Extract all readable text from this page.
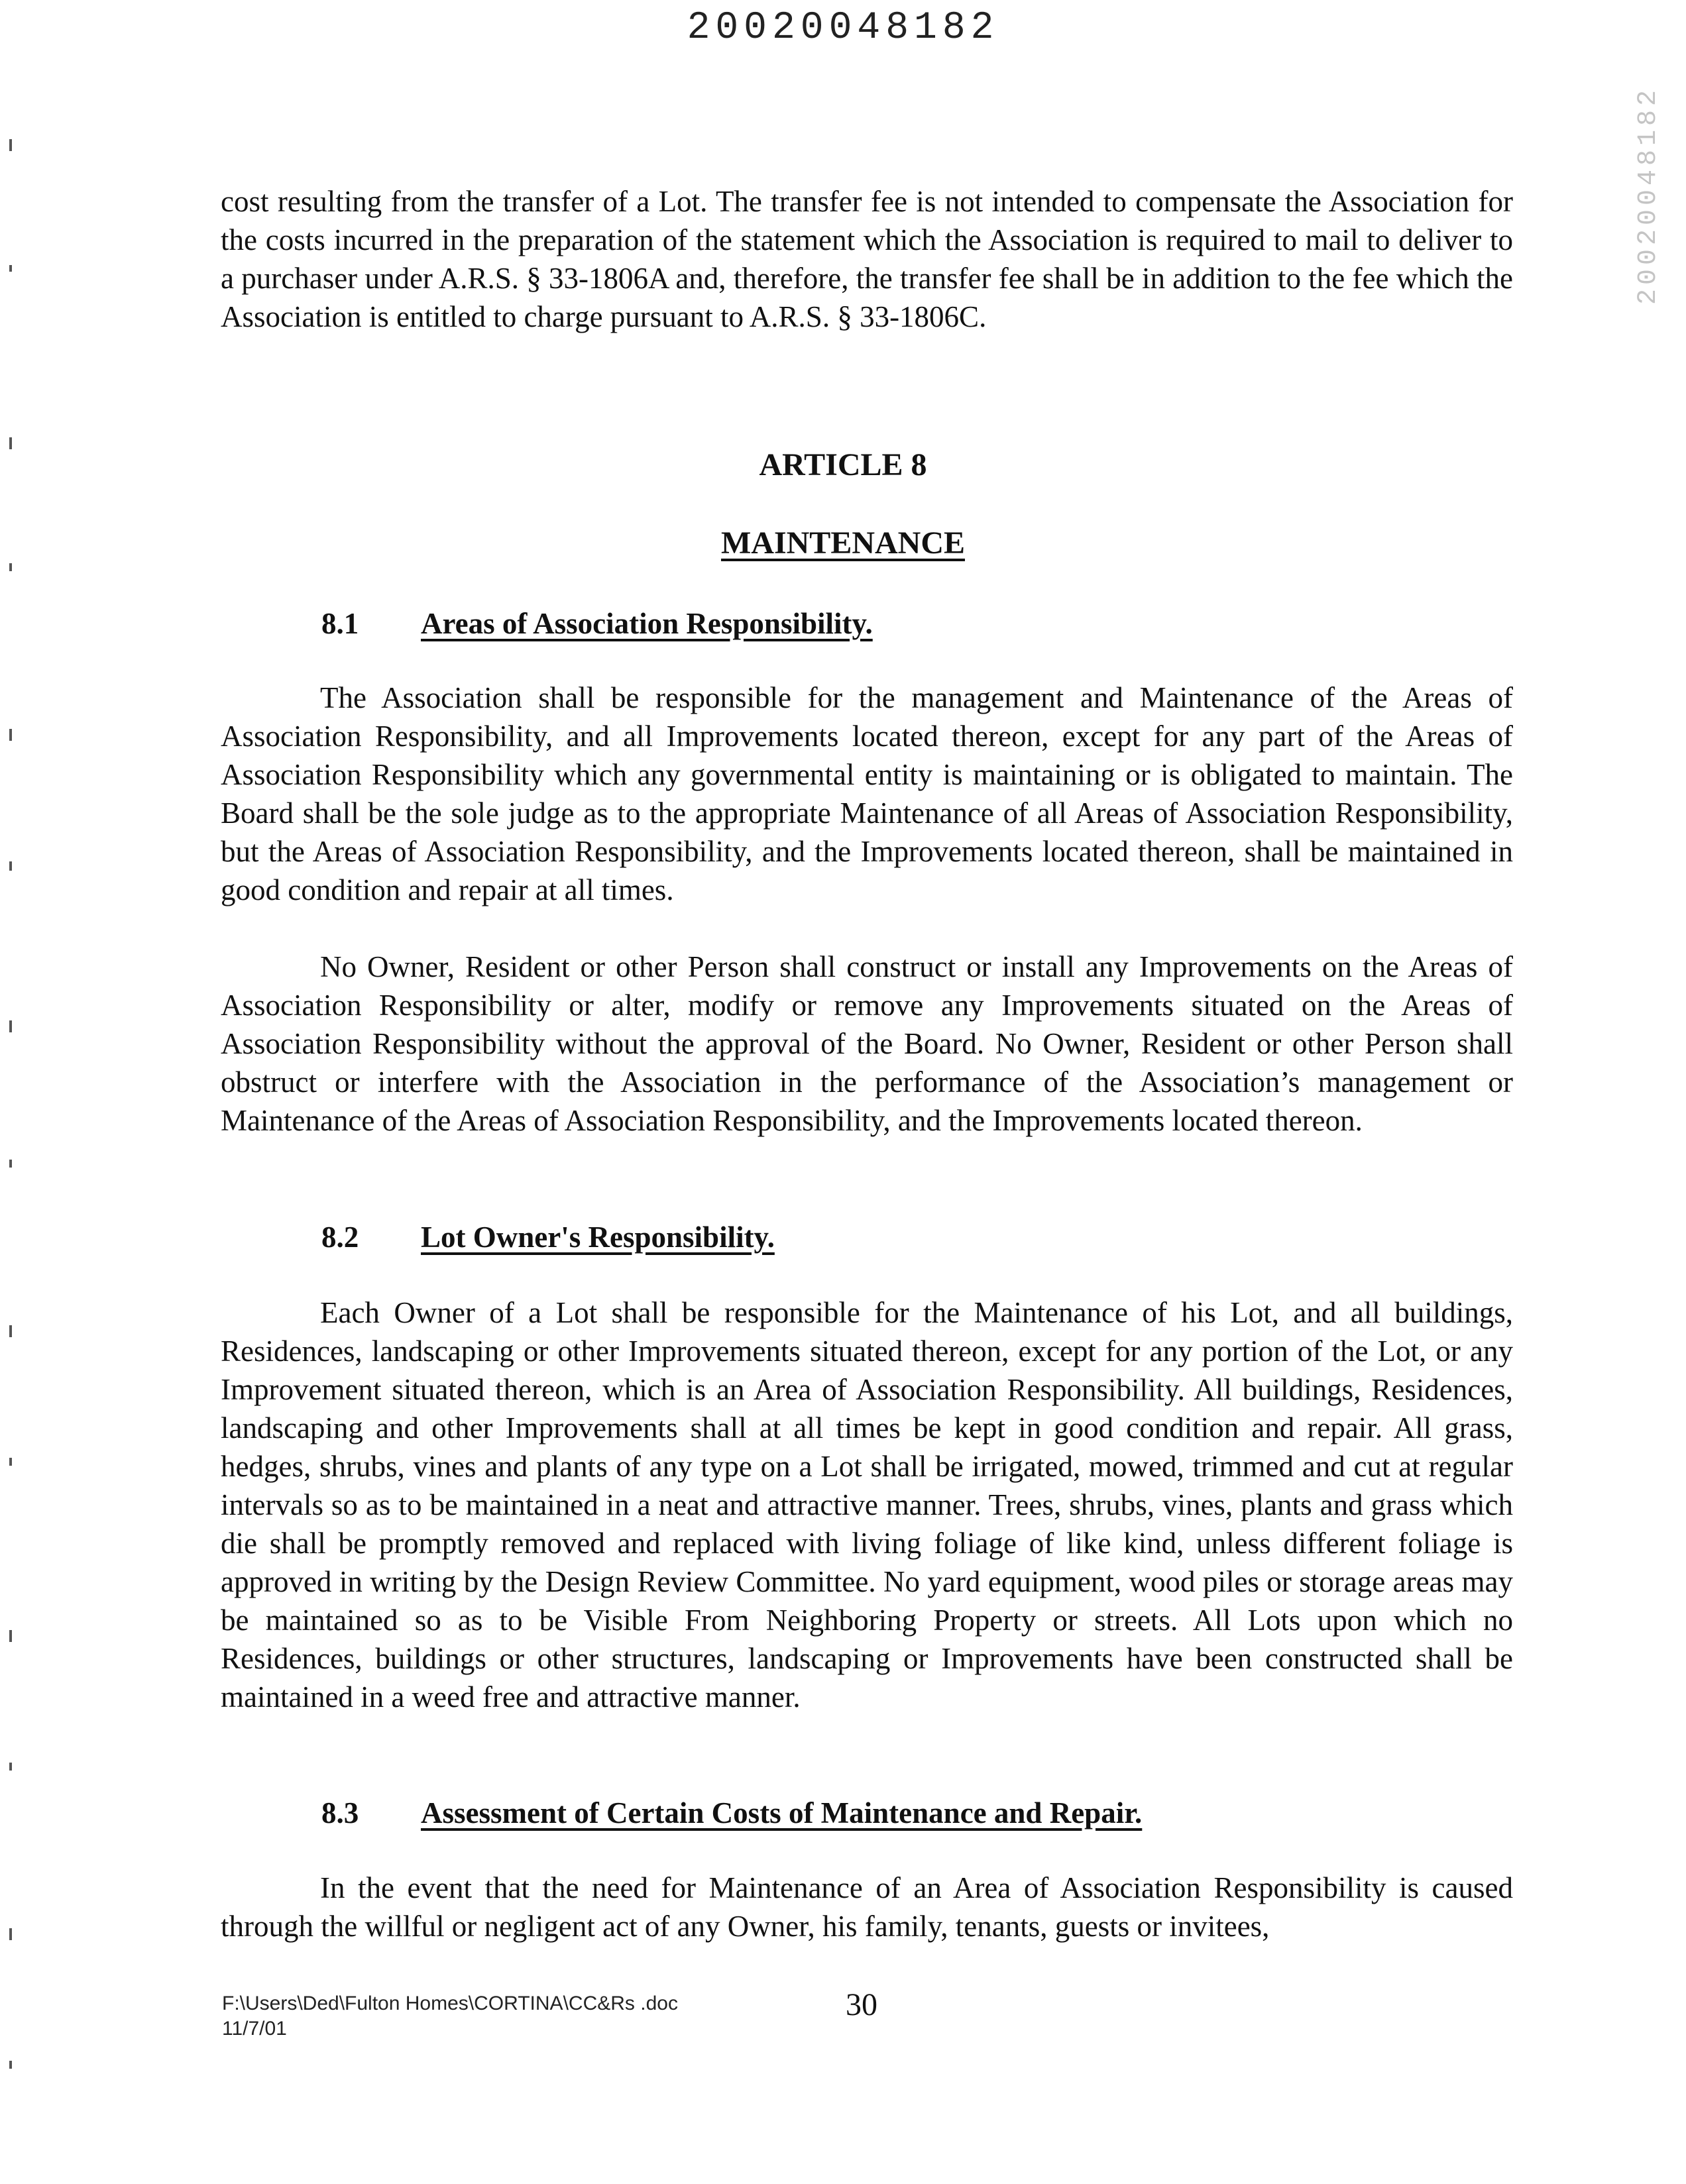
20020048182
20020048182

cost resulting from the transfer of a Lot. The transfer fee is not intended to compensate the Association for the costs incurred in the preparation of the statement which the Association is required to mail to deliver to a purchaser under A.R.S. § 33-1806A and, therefore, the transfer fee shall be in addition to the fee which the Association is entitled to charge pursuant to A.R.S. § 33-1806C.

ARTICLE 8

MAINTENANCE

8.1 Areas of Association Responsibility.

The Association shall be responsible for the management and Maintenance of the Areas of Association Responsibility, and all Improvements located thereon, except for any part of the Areas of Association Responsibility which any governmental entity is maintaining or is obligated to maintain. The Board shall be the sole judge as to the appropriate Maintenance of all Areas of Association Responsibility, but the Areas of Association Responsibility, and the Improvements located thereon, shall be maintained in good condition and repair at all times.

No Owner, Resident or other Person shall construct or install any Improvements on the Areas of Association Responsibility or alter, modify or remove any Improvements situated on the Areas of Association Responsibility without the approval of the Board. No Owner, Resident or other Person shall obstruct or interfere with the Association in the performance of the Association’s management or Maintenance of the Areas of Association Responsibility, and the Improvements located thereon.

8.2 Lot Owner's Responsibility.

Each Owner of a Lot shall be responsible for the Maintenance of his Lot, and all buildings, Residences, landscaping or other Improvements situated thereon, except for any portion of the Lot, or any Improvement situated thereon, which is an Area of Association Responsibility. All buildings, Residences, landscaping and other Improvements shall at all times be kept in good condition and repair. All grass, hedges, shrubs, vines and plants of any type on a Lot shall be irrigated, mowed, trimmed and cut at regular intervals so as to be maintained in a neat and attractive manner. Trees, shrubs, vines, plants and grass which die shall be promptly removed and replaced with living foliage of like kind, unless different foliage is approved in writing by the Design Review Committee. No yard equipment, wood piles or storage areas may be maintained so as to be Visible From Neighboring Property or streets. All Lots upon which no Residences, buildings or other structures, landscaping or Improvements have been constructed shall be maintained in a weed free and attractive manner.

8.3 Assessment of Certain Costs of Maintenance and Repair.

In the event that the need for Maintenance of an Area of Association Responsibility is caused through the willful or negligent act of any Owner, his family, tenants, guests or invitees,

F:\Users\Ded\Fulton Homes\CORTINA\CC&Rs .doc
11/7/01
30
